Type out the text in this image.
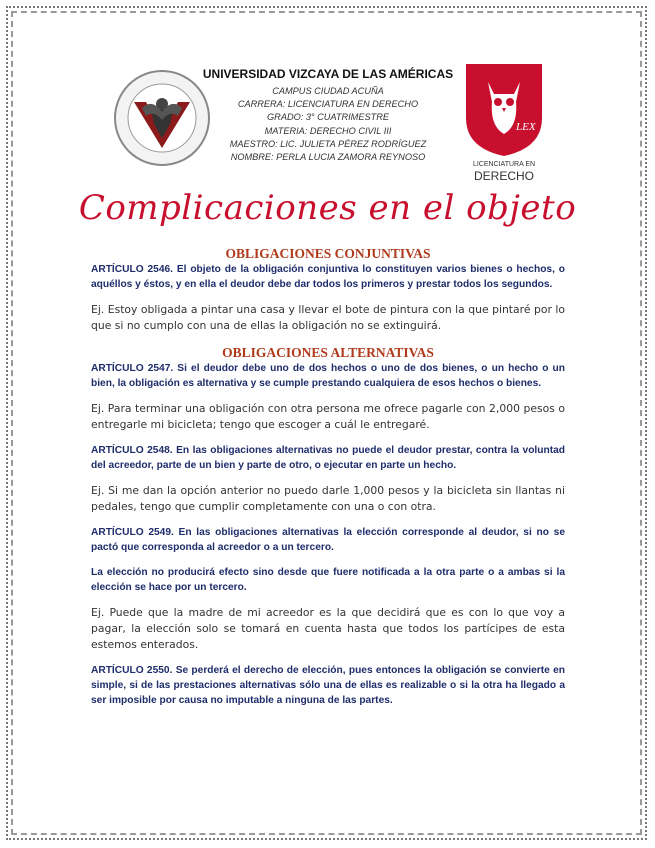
UNIVERSIDAD VIZCAYA DE LAS AMÉRICAS
CAMPUS CIUDAD ACUÑA
CARRERA: LICENCIATURA EN DERECHO
GRADO: 3° CUATRIMESTRE
MATERIA: DERECHO CIVIL III
MAESTRO: LIC. JULIETA PÉREZ RODRÍGUEZ
NOMBRE: PERLA LUCIA ZAMORA REYNOSO
LEX
LICENCIATURA EN
DERECHO
Complicaciones en el objeto
OBLIGACIONES CONJUNTIVAS

ARTÍCULO 2546. El objeto de la obligación conjuntiva lo constituyen varios bienes o hechos, o aquéllos y éstos, y en ella el deudor debe dar todos los primeros y prestar todos los segundos.

Ej. Estoy obligada a pintar una casa y llevar el bote de pintura con la que pintaré por lo que si no cumplo con una de ellas la obligación no se extinguirá.

OBLIGACIONES ALTERNATIVAS

ARTÍCULO 2547. Si el deudor debe uno de dos hechos o uno de dos bienes, o un hecho o un bien, la obligación es alternativa y se cumple prestando cualquiera de esos hechos o bienes.

Ej. Para terminar una obligación con otra persona me ofrece pagarle con 2,000 pesos o entregarle mi bicicleta; tengo que escoger a cuál le entregaré.

ARTÍCULO 2548. En las obligaciones alternativas no puede el deudor prestar, contra la voluntad del acreedor, parte de un bien y parte de otro, o ejecutar en parte un hecho.

Ej. Si me dan la opción anterior no puedo darle 1,000 pesos y la bicicleta sin llantas ni pedales, tengo que cumplir completamente con una o con otra.

ARTÍCULO 2549. En las obligaciones alternativas la elección corresponde al deudor, si no se pactó que corresponda al acreedor o a un tercero.

La elección no producirá efecto sino desde que fuere notificada a la otra parte o a ambas si la elección se hace por un tercero.

Ej. Puede que la madre de mi acreedor es la que decidirá que es con lo que voy a pagar, la elección solo se tomará en cuenta hasta que todos los partícipes de esta estemos enterados.

ARTÍCULO 2550. Se perderá el derecho de elección, pues entonces la obligación se convierte en simple, si de las prestaciones alternativas sólo una de ellas es realizable o si la otra ha llegado a ser imposible por causa no imputable a ninguna de las partes.
